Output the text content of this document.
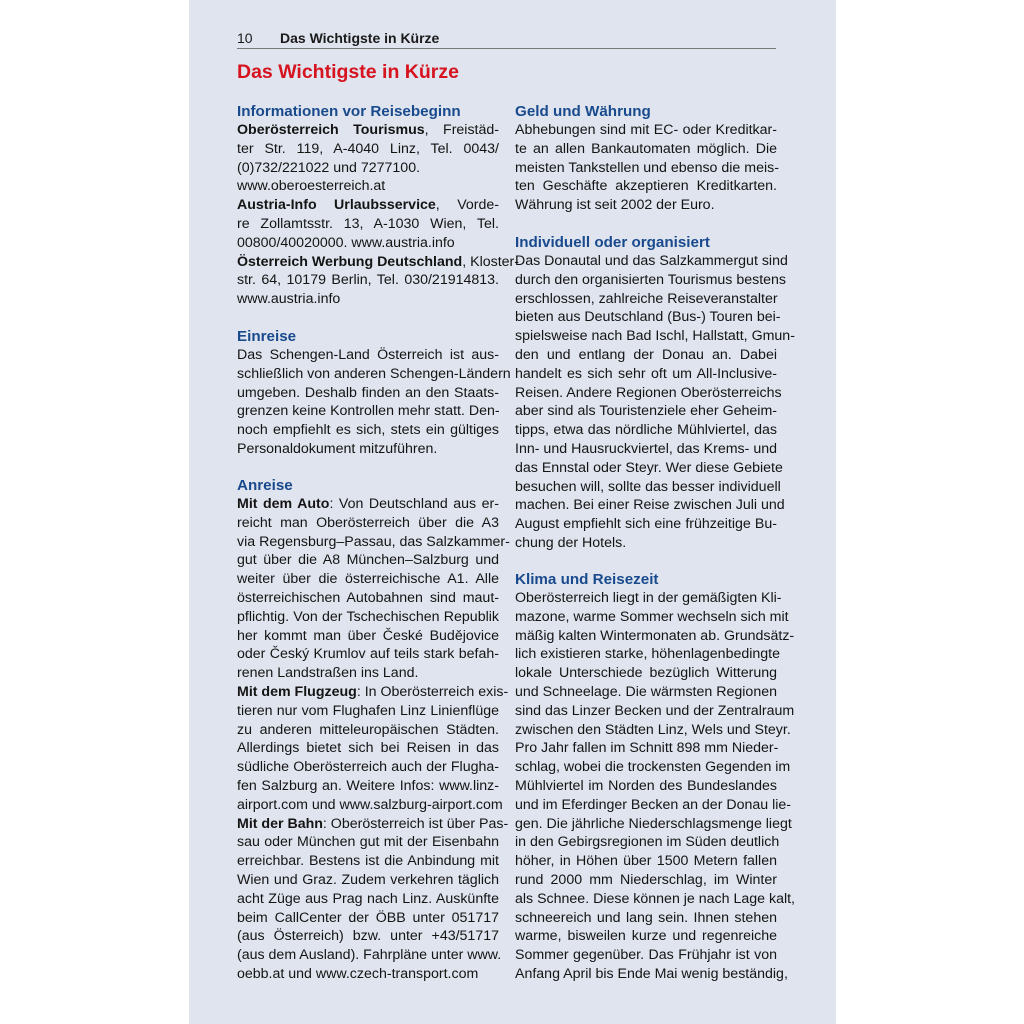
10 Das Wichtigste in Kürze
Das Wichtigste in Kürze
Informationen vor Reisebeginn
Oberösterreich Tourismus, Freistäd-
ter Str. 119, A-4040 Linz, Tel. 0043/
(0)732/221022 und 7277100.
www.oberoesterreich.at
Austria-Info Urlaubsservice, Vorde-
re Zollamtsstr. 13, A-1030 Wien, Tel.
00800/40020000. www.austria.info
Österreich Werbung Deutschland, Kloster-
str. 64, 10179 Berlin, Tel. 030/21914813.
www.austria.info
Einreise
Das Schengen-Land Österreich ist aus-
schließlich von anderen Schengen-Ländern
umgeben. Deshalb finden an den Staats-
grenzen keine Kontrollen mehr statt. Den-
noch empfiehlt es sich, stets ein gültiges
Personaldokument mitzuführen.
Anreise
Mit dem Auto: Von Deutschland aus er-
reicht man Oberösterreich über die A3
via Regensburg–Passau, das Salzkammer-
gut über die A8 München–Salzburg und
weiter über die österreichische A1. Alle
österreichischen Autobahnen sind maut-
pflichtig. Von der Tschechischen Republik
her kommt man über České Budějovice
oder Český Krumlov auf teils stark befah-
renen Landstraßen ins Land.
Mit dem Flugzeug: In Oberösterreich exis-
tieren nur vom Flughafen Linz Linienflüge
zu anderen mitteleuropäischen Städten.
Allerdings bietet sich bei Reisen in das
südliche Oberösterreich auch der Flugha-
fen Salzburg an. Weitere Infos: www.linz-
airport.com und www.salzburg-airport.com
Mit der Bahn: Oberösterreich ist über Pas-
sau oder München gut mit der Eisenbahn
erreichbar. Bestens ist die Anbindung mit
Wien und Graz. Zudem verkehren täglich
acht Züge aus Prag nach Linz. Auskünfte
beim CallCenter der ÖBB unter 051717
(aus Österreich) bzw. unter +43/51717
(aus dem Ausland). Fahrpläne unter www.
oebb.at und www.czech-transport.com
Geld und Währung
Abhebungen sind mit EC- oder Kreditkar-
te an allen Bankautomaten möglich. Die
meisten Tankstellen und ebenso die meis-
ten Geschäfte akzeptieren Kreditkarten.
Währung ist seit 2002 der Euro.
Individuell oder organisiert
Das Donautal und das Salzkammergut sind
durch den organisierten Tourismus bestens
erschlossen, zahlreiche Reiseveranstalter
bieten aus Deutschland (Bus-) Touren bei-
spielsweise nach Bad Ischl, Hallstatt, Gmun-
den und entlang der Donau an. Dabei
handelt es sich sehr oft um All-Inclusive-
Reisen. Andere Regionen Oberösterreichs
aber sind als Touristenziele eher Geheim-
tipps, etwa das nördliche Mühlviertel, das
Inn- und Hausruckviertel, das Krems- und
das Ennstal oder Steyr. Wer diese Gebiete
besuchen will, sollte das besser individuell
machen. Bei einer Reise zwischen Juli und
August empfiehlt sich eine frühzeitige Bu-
chung der Hotels.
Klima und Reisezeit
Oberösterreich liegt in der gemäßigten Kli-
mazone, warme Sommer wechseln sich mit
mäßig kalten Wintermonaten ab. Grundsätz-
lich existieren starke, höhenlagenbedingte
lokale Unterschiede bezüglich Witterung
und Schneelage. Die wärmsten Regionen
sind das Linzer Becken und der Zentralraum
zwischen den Städten Linz, Wels und Steyr.
Pro Jahr fallen im Schnitt 898 mm Nieder-
schlag, wobei die trockensten Gegenden im
Mühlviertel im Norden des Bundeslandes
und im Eferdinger Becken an der Donau lie-
gen. Die jährliche Niederschlagsmenge liegt
in den Gebirgsregionen im Süden deutlich
höher, in Höhen über 1500 Metern fallen
rund 2000 mm Niederschlag, im Winter
als Schnee. Diese können je nach Lage kalt,
schneereich und lang sein. Ihnen stehen
warme, bisweilen kurze und regenreiche
Sommer gegenüber. Das Frühjahr ist von
Anfang April bis Ende Mai wenig beständig,
